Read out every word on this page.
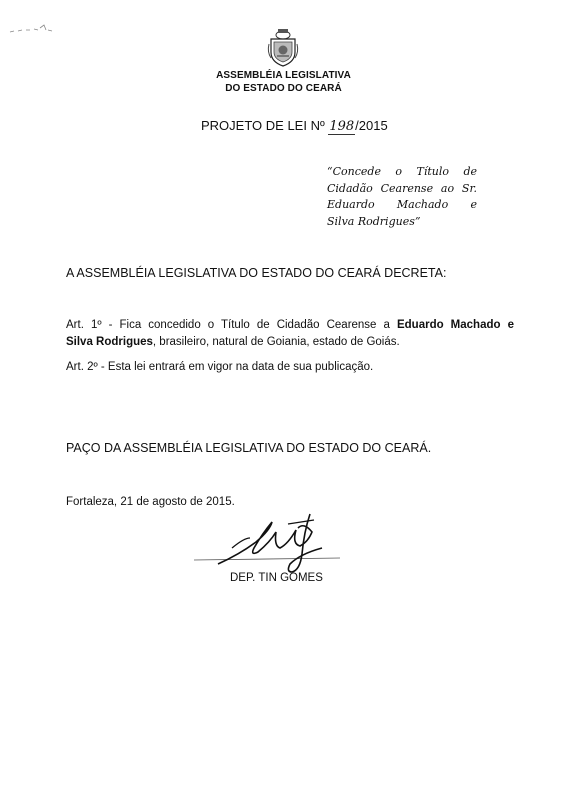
ASSEMBLÉIA LEGISLATIVA
DO ESTADO DO CEARÁ
PROJETO DE LEI Nº 198/2015
“Concede o Título de
Cidadão Cearense ao Sr.
Eduardo Machado e
Silva Rodrigues”
A ASSEMBLÉIA LEGISLATIVA DO ESTADO DO CEARÁ DECRETA:
Art. 1º - Fica concedido o Título de Cidadão Cearense a Eduardo Machado e
Silva Rodrigues, brasileiro, natural de Goiania, estado de Goiás.
Art. 2º - Esta lei entrará em vigor na data de sua publicação.
PAÇO DA ASSEMBLÉIA LEGISLATIVA DO ESTADO DO CEARÁ.
Fortaleza, 21 de agosto de 2015.
DEP. TIN GOMES
